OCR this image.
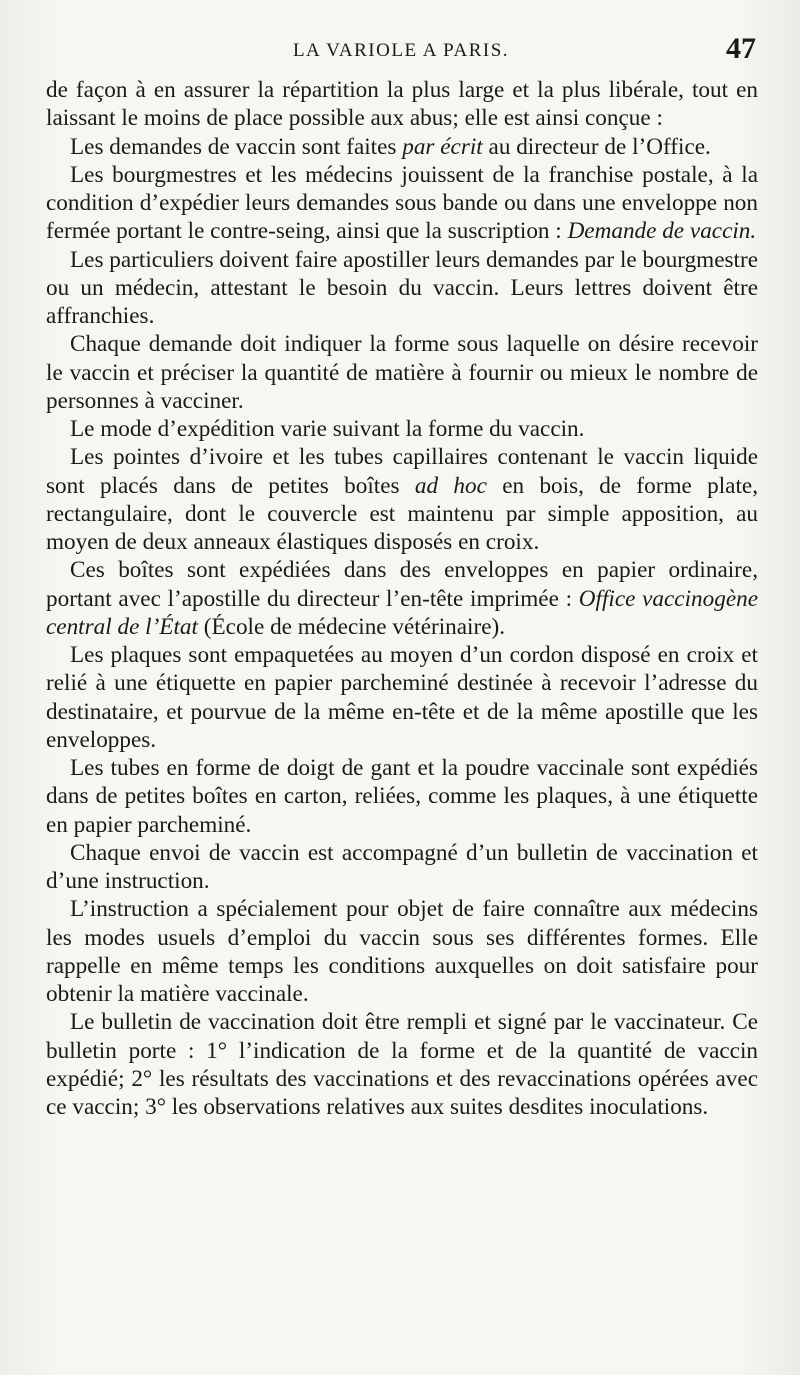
LA VARIOLE A PARIS.	47

de façon à en assurer la répartition la plus large et la plus libérale, tout en laissant le moins de place possible aux abus; elle est ainsi conçue :

Les demandes de vaccin sont faites par écrit au directeur de l’Office.

Les bourgmestres et les médecins jouissent de la franchise postale, à la condition d’expédier leurs demandes sous bande ou dans une enveloppe non fermée portant le contre-seing, ainsi que la suscription : Demande de vaccin.

Les particuliers doivent faire apostiller leurs demandes par le bourgmestre ou un médecin, attestant le besoin du vaccin. Leurs lettres doivent être affranchies.

Chaque demande doit indiquer la forme sous laquelle on désire recevoir le vaccin et préciser la quantité de matière à fournir ou mieux le nombre de personnes à vacciner.

Le mode d’expédition varie suivant la forme du vaccin.

Les pointes d’ivoire et les tubes capillaires contenant le vaccin liquide sont placés dans de petites boîtes ad hoc en bois, de forme plate, rectangulaire, dont le couvercle est maintenu par simple apposition, au moyen de deux anneaux élastiques disposés en croix.

Ces boîtes sont expédiées dans des enveloppes en papier ordinaire, portant avec l’apostille du directeur l’en-tête imprimée : Office vaccinogène central de l’État (École de médecine vétérinaire).

Les plaques sont empaquetées au moyen d’un cordon disposé en croix et relié à une étiquette en papier parcheminé destinée à recevoir l’adresse du destinataire, et pourvue de la même en-tête et de la même apostille que les enveloppes.

Les tubes en forme de doigt de gant et la poudre vaccinale sont expédiés dans de petites boîtes en carton, reliées, comme les plaques, à une étiquette en papier parcheminé.

Chaque envoi de vaccin est accompagné d’un bulletin de vaccination et d’une instruction.

L’instruction a spécialement pour objet de faire connaître aux médecins les modes usuels d’emploi du vaccin sous ses différentes formes. Elle rappelle en même temps les conditions auxquelles on doit satisfaire pour obtenir la matière vaccinale.

Le bulletin de vaccination doit être rempli et signé par le vaccinateur. Ce bulletin porte : 1° l’indication de la forme et de la quantité de vaccin expédié; 2° les résultats des vaccinations et des revaccinations opérées avec ce vaccin; 3° les observations relatives aux suites desdites inoculations.
